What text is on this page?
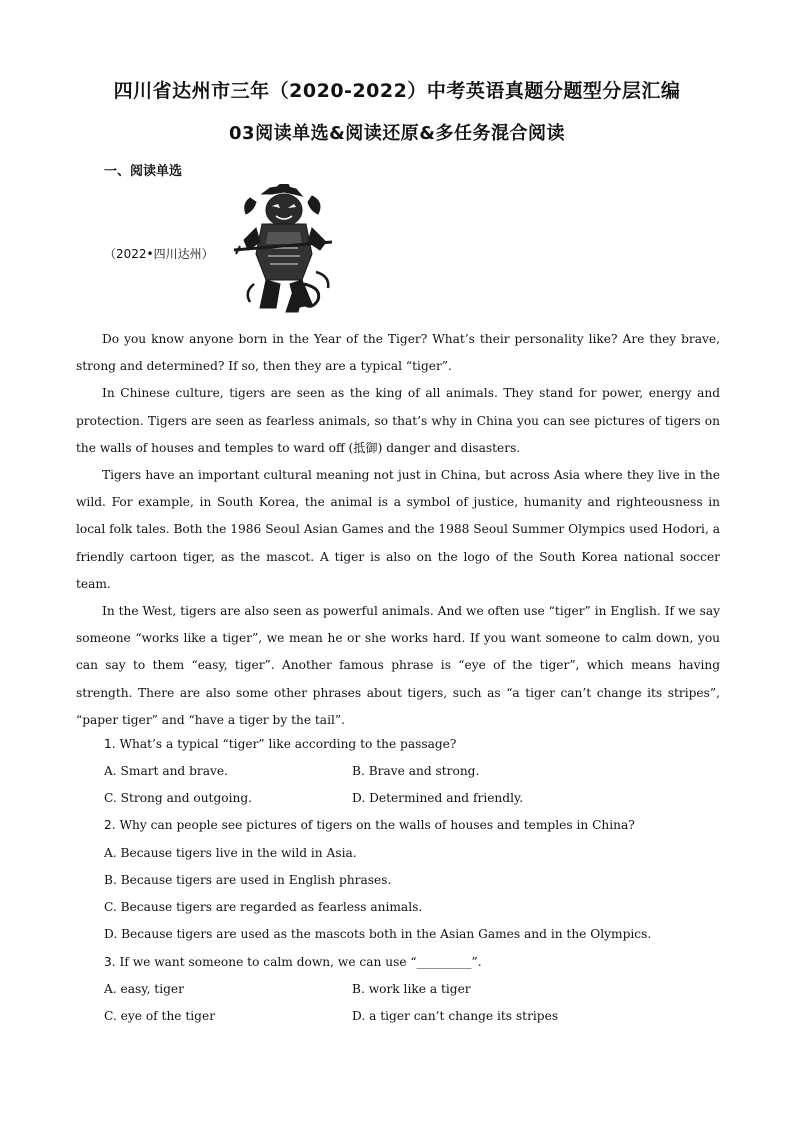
四川省达州市三年（2020-2022）中考英语真题分题型分层汇编
03阅读单选&阅读还原&多任务混合阅读
一、阅读单选
（2022•四川达州）

Do you know anyone born in the Year of the Tiger? What’s their personality like? Are they brave, strong and determined? If so, then they are a typical “tiger”.

In Chinese culture, tigers are seen as the king of all animals. They stand for power, energy and protection. Tigers are seen as fearless animals, so that’s why in China you can see pictures of tigers on the walls of houses and temples to ward off (抵御) danger and disasters.

Tigers have an important cultural meaning not just in China, but across Asia where they live in the wild. For example, in South Korea, the animal is a symbol of justice, humanity and righteousness in local folk tales. Both the 1986 Seoul Asian Games and the 1988 Seoul Summer Olympics used Hodori, a friendly cartoon tiger, as the mascot. A tiger is also on the logo of the South Korea national soccer team.

In the West, tigers are also seen as powerful animals. And we often use “tiger” in English. If we say someone “works like a tiger”, we mean he or she works hard. If you want someone to calm down, you can say to them “easy, tiger”. Another famous phrase is “eye of the tiger”, which means having strength. There are also some other phrases about tigers, such as “a tiger can’t change its stripes”, “paper tiger” and “have a tiger by the tail”.

1. What’s a typical “tiger” like according to the passage?
A. Smart and brave.	B. Brave and strong.
C. Strong and outgoing.	D. Determined and friendly.
2. Why can people see pictures of tigers on the walls of houses and temples in China?
A. Because tigers live in the wild in Asia.
B. Because tigers are used in English phrases.
C. Because tigers are regarded as fearless animals.
D. Because tigers are used as the mascots both in the Asian Games and in the Olympics.
3. If we want someone to calm down, we can use “_________”.
A. easy, tiger	B. work like a tiger
C. eye of the tiger	D. a tiger can’t change its stripes
